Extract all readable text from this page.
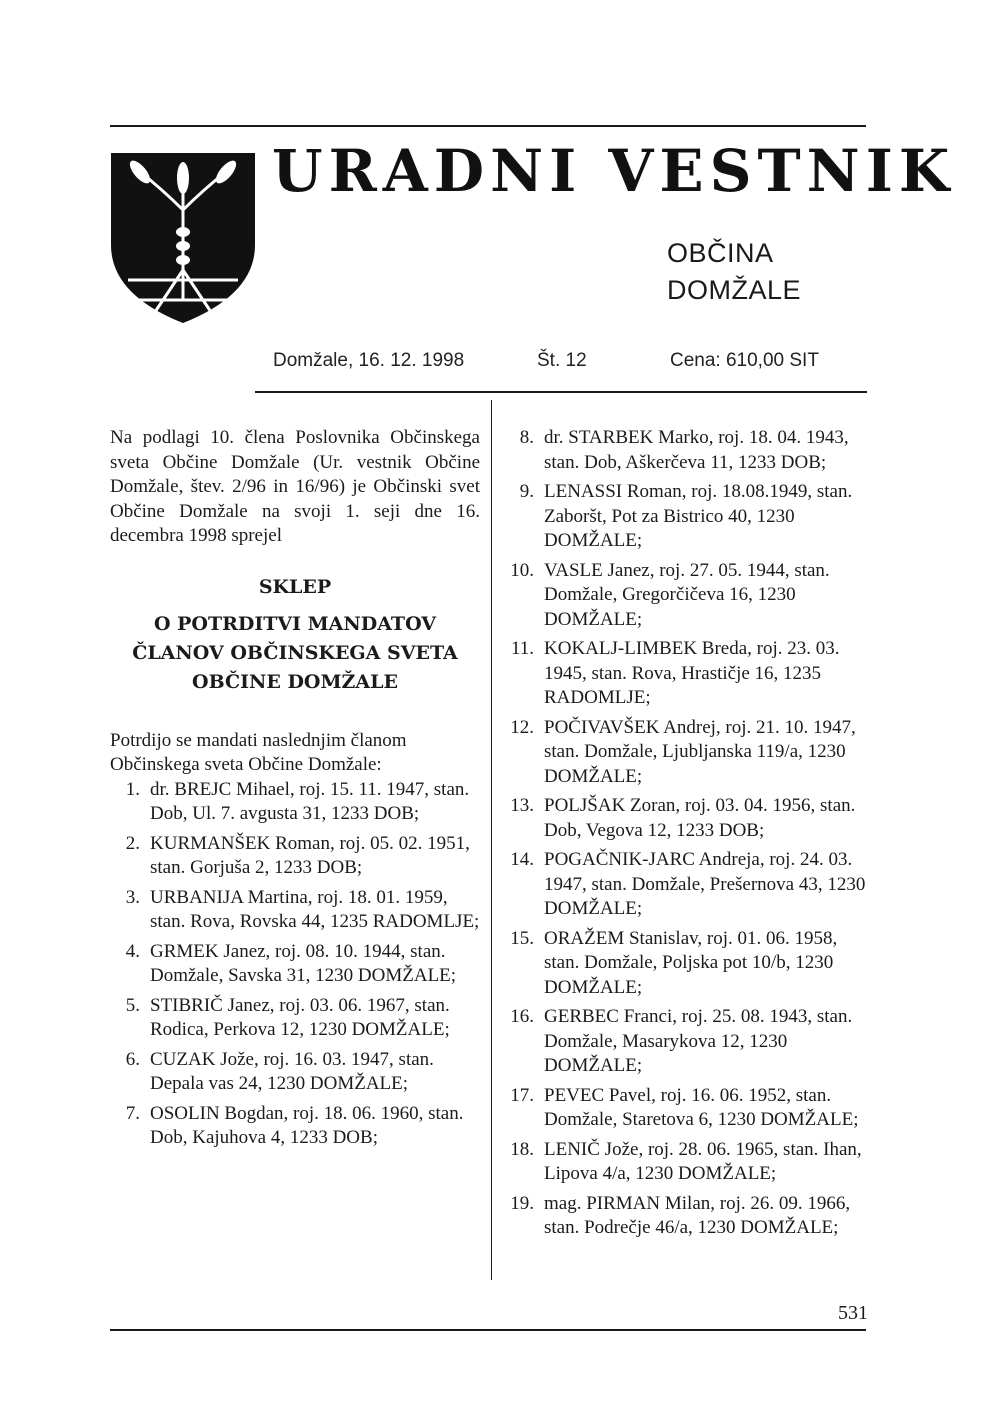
URADNI VESTNIK
OBČINA
DOMŽALE
Domžale, 16. 12. 1998	Št. 12	Cena: 610,00 SIT

Na podlagi 10. člena Poslovnika Občinskega sveta Občine Domžale (Ur. vestnik Občine Domžale, štev. 2/96 in 16/96) je Občinski svet Občine Domžale na svoji 1. seji dne 16. decembra 1998 sprejel

SKLEP

O POTRDITVI MANDATOV

ČLANOV OBČINSKEGA SVETA

OBČINE DOMŽALE

Potrdijo se mandati naslednjim članom Občinskega sveta Občine Domžale:

1. dr. BREJC Mihael, roj. 15. 11. 1947, stan. Dob, Ul. 7. avgusta 31, 1233 DOB;
2. KURMANŠEK Roman, roj. 05. 02. 1951, stan. Gorjuša 2, 1233 DOB;
3. URBANIJA Martina, roj. 18. 01. 1959, stan. Rova, Rovska 44, 1235 RADOMLJE;
4. GRMEK Janez, roj. 08. 10. 1944, stan. Domžale, Savska 31, 1230 DOMŽALE;
5. STIBRIČ Janez, roj. 03. 06. 1967, stan. Rodica, Perkova 12, 1230 DOMŽALE;
6. CUZAK Jože, roj. 16. 03. 1947, stan. Depala vas 24, 1230 DOMŽALE;
7. OSOLIN Bogdan, roj. 18. 06. 1960, stan. Dob, Kajuhova 4, 1233 DOB;
8. dr. STARBEK Marko, roj. 18. 04. 1943, stan. Dob, Aškerčeva 11, 1233 DOB;
9. LENASSI Roman, roj. 18.08.1949, stan. Zaboršt, Pot za Bistrico 40, 1230 DOMŽALE;
10. VASLE Janez, roj. 27. 05. 1944, stan. Domžale, Gregorčičeva 16, 1230 DOMŽALE;
11. KOKALJ-LIMBEK Breda, roj. 23. 03. 1945, stan. Rova, Hrastičje 16, 1235 RADOMLJE;
12. POČIVAVŠEK Andrej, roj. 21. 10. 1947, stan. Domžale, Ljubljanska 119/a, 1230 DOMŽALE;
13. POLJŠAK Zoran, roj. 03. 04. 1956, stan. Dob, Vegova 12, 1233 DOB;
14. POGAČNIK-JARC Andreja, roj. 24. 03. 1947, stan. Domžale, Prešernova 43, 1230 DOMŽALE;
15. ORAŽEM Stanislav, roj. 01. 06. 1958, stan. Domžale, Poljska pot 10/b, 1230 DOMŽALE;
16. GERBEC Franci, roj. 25. 08. 1943, stan. Domžale, Masarykova 12, 1230 DOMŽALE;
17. PEVEC Pavel, roj. 16. 06. 1952, stan. Domžale, Staretova 6, 1230 DOMŽALE;
18. LENIČ Jože, roj. 28. 06. 1965, stan. Ihan, Lipova 4/a, 1230 DOMŽALE;
19. mag. PIRMAN Milan, roj. 26. 09. 1966, stan. Podrečje 46/a, 1230 DOMŽALE;
531
